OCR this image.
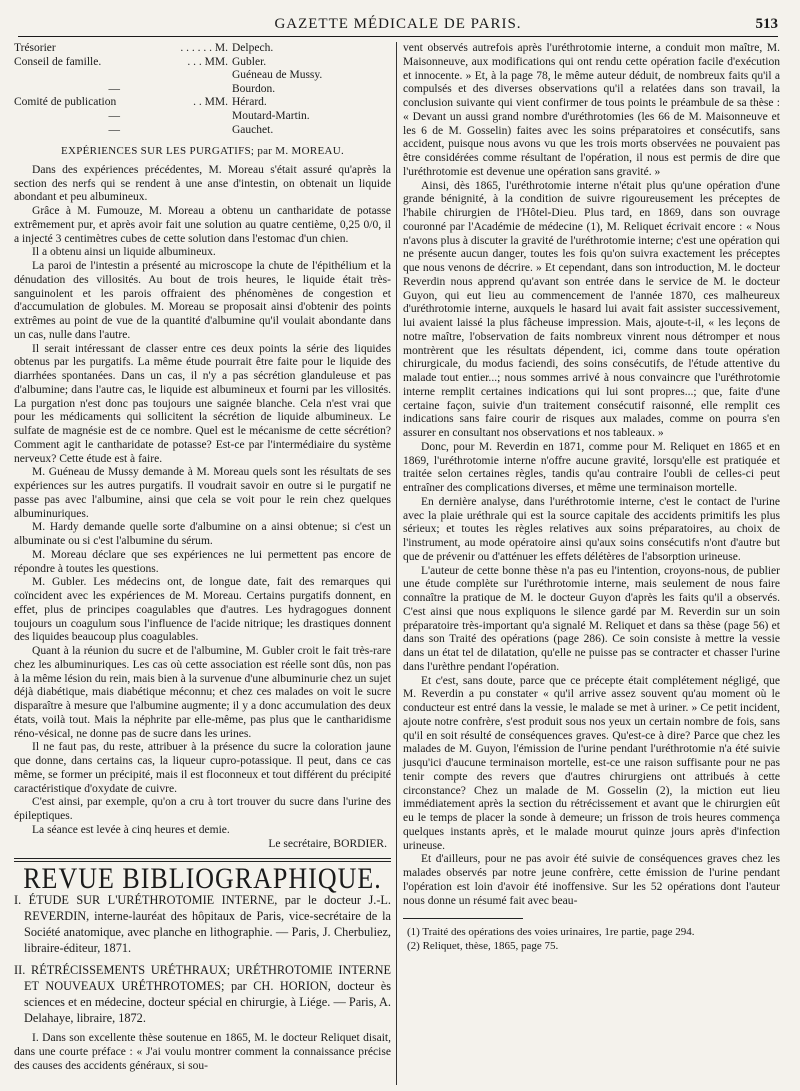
GAZETTE MÉDICALE DE PARIS.	513
Trésorier	. . . . . . M. Delpech.
Conseil de famille.	. . . MM. Gubler.
Guéneau de Mussy.
—	Bourdon.
Comité de publication	. . MM. Hérard.
—	Moutard-Martin.
—	Gauchet.
EXPÉRIENCES SUR LES PURGATIFS; par M. MOREAU.

Dans des expériences précédentes, M. Moreau s'était assuré qu'après la section des nerfs qui se rendent à une anse d'intestin, on obtenait un liquide abondant et peu albumineux.

Grâce à M. Fumouze, M. Moreau a obtenu un cantharidate de potasse extrêmement pur, et après avoir fait une solution au quatre centième, 0,25 0/0, il a injecté 3 centimètres cubes de cette solution dans l'estomac d'un chien.

Il a obtenu ainsi un liquide albumineux.

La paroi de l'intestin a présenté au microscope la chute de l'épithélium et la dénudation des villosités. Au bout de trois heures, le liquide était très-sanguinolent et les parois offraient des phénomènes de congestion et d'accumulation de globules. M. Moreau se proposait ainsi d'obtenir des points extrêmes au point de vue de la quantité d'albumine qu'il voulait abondante dans un cas, nulle dans l'autre.

Il serait intéressant de classer entre ces deux points la série des liquides obtenus par les purgatifs. La même étude pourrait être faite pour le liquide des diarrhées spontanées. Dans un cas, il n'y a pas sécrétion glanduleuse et pas d'albumine; dans l'autre cas, le liquide est albumineux et fourni par les villosités. La purgation n'est donc pas toujours une saignée blanche. Cela n'est vrai que pour les médicaments qui sollicitent la sécrétion de liquide albumineux. Le sulfate de magnésie est de ce nombre. Quel est le mécanisme de cette sécrétion? Comment agit le cantharidate de potasse? Est-ce par l'intermédiaire du système nerveux? Cette étude est à faire.

M. Guéneau de Mussy demande à M. Moreau quels sont les résultats de ses expériences sur les autres purgatifs. Il voudrait savoir en outre si le purgatif ne passe pas avec l'albumine, ainsi que cela se voit pour le rein chez quelques albuminuriques.

M. Hardy demande quelle sorte d'albumine on a ainsi obtenue; si c'est un albuminate ou si c'est l'albumine du sérum.

M. Moreau déclare que ses expériences ne lui permettent pas encore de répondre à toutes les questions.

M. Gubler. Les médecins ont, de longue date, fait des remarques qui coïncident avec les expériences de M. Moreau. Certains purgatifs donnent, en effet, plus de principes coagulables que d'autres. Les hydragogues donnent toujours un coagulum sous l'influence de l'acide nitrique; les drastiques donnent des liquides beaucoup plus coagulables.

Quant à la réunion du sucre et de l'albumine, M. Gubler croit le fait très-rare chez les albuminuriques. Les cas où cette association est réelle sont dûs, non pas à la même lésion du rein, mais bien à la survenue d'une albuminurie chez un sujet déjà diabétique, mais diabétique méconnu; et chez ces malades on voit le sucre disparaître à mesure que l'albumine augmente; il y a donc accumulation des deux états, voilà tout. Mais la néphrite par elle-même, pas plus que le cantharidisme réno-vésical, ne donne pas de sucre dans les urines.

Il ne faut pas, du reste, attribuer à la présence du sucre la coloration jaune que donne, dans certains cas, la liqueur cupro-potassique. Il peut, dans ce cas même, se former un précipité, mais il est floconneux et tout différent du précipité caractéristique d'oxydate de cuivre.

C'est ainsi, par exemple, qu'on a cru à tort trouver du sucre dans l'urine des épileptiques.

La séance est levée à cinq heures et demie.

Le secrétaire, BORDIER.
REVUE BIBLIOGRAPHIQUE.
I. ÉTUDE SUR L'URÉTHROTOMIE INTERNE, par le docteur J.-L. REVERDIN, interne-lauréat des hôpitaux de Paris, vice-secrétaire de la Société anatomique, avec planche en lithographie. — Paris, J. Cherbuliez, libraire-éditeur, 1871.
II. RÉTRÉCISSEMENTS URÉTHRAUX; URÉTHROTOMIE INTERNE ET NOUVEAUX URÉTHROTOMES; par CH. HORION, docteur ès sciences et en médecine, docteur spécial en chirurgie, à Liége. — Paris, A. Delahaye, libraire, 1872.

I. Dans son excellente thèse soutenue en 1865, M. le docteur Reliquet disait, dans une courte préface : « J'ai voulu montrer comment la connaissance précise des causes des accidents généraux, si sou-

vent observés autrefois après l'uréthrotomie interne, a conduit mon maître, M. Maisonneuve, aux modifications qui ont rendu cette opération facile d'exécution et innocente. » Et, à la page 78, le même auteur déduit, de nombreux faits qu'il a compulsés et des diverses observations qu'il a relatées dans son travail, la conclusion suivante qui vient confirmer de tous points le préambule de sa thèse : « Devant un aussi grand nombre d'uréthrotomies (les 66 de M. Maisonneuve et les 6 de M. Gosselin) faites avec les soins préparatoires et consécutifs, sans accident, puisque nous avons vu que les trois morts observées ne pouvaient pas être considérées comme résultant de l'opération, il nous est permis de dire que l'uréthrotomie est devenue une opération sans gravité. »

Ainsi, dès 1865, l'uréthrotomie interne n'était plus qu'une opération d'une grande bénignité, à la condition de suivre rigoureusement les préceptes de l'habile chirurgien de l'Hôtel-Dieu. Plus tard, en 1869, dans son ouvrage couronné par l'Académie de médecine (1), M. Reliquet écrivait encore : « Nous n'avons plus à discuter la gravité de l'uréthrotomie interne; c'est une opération qui ne présente aucun danger, toutes les fois qu'on suivra exactement les préceptes que nous venons de décrire. » Et cependant, dans son introduction, M. le docteur Reverdin nous apprend qu'avant son entrée dans le service de M. le docteur Guyon, qui eut lieu au commencement de l'année 1870, ces malheureux d'uréthrotomie interne, auxquels le hasard lui avait fait assister successivement, lui avaient laissé la plus fâcheuse impression. Mais, ajoute-t-il, « les leçons de notre maître, l'observation de faits nombreux vinrent nous détromper et nous montrèrent que les résultats dépendent, ici, comme dans toute opération chirurgicale, du modus faciendi, des soins consécutifs, de l'étude attentive du malade tout entier...; nous sommes arrivé à nous convaincre que l'uréthrotomie interne remplit certaines indications qui lui sont propres...; que, faite d'une certaine façon, suivie d'un traitement consécutif raisonné, elle remplit ces indications sans faire courir de risques aux malades, comme on pourra s'en assurer en consultant nos observations et nos tableaux. »

Donc, pour M. Reverdin en 1871, comme pour M. Reliquet en 1865 et en 1869, l'uréthrotomie interne n'offre aucune gravité, lorsqu'elle est pratiquée et traitée selon certaines règles, tandis qu'au contraire l'oubli de celles-ci peut entraîner des complications diverses, et même une terminaison mortelle.

En dernière analyse, dans l'uréthrotomie interne, c'est le contact de l'urine avec la plaie uréthrale qui est la source capitale des accidents primitifs les plus sérieux; et toutes les règles relatives aux soins préparatoires, au choix de l'instrument, au mode opératoire ainsi qu'aux soins consécutifs n'ont d'autre but que de prévenir ou d'atténuer les effets délétères de l'absorption urineuse.

L'auteur de cette bonne thèse n'a pas eu l'intention, croyons-nous, de publier une étude complète sur l'uréthrotomie interne, mais seulement de nous faire connaître la pratique de M. le docteur Guyon d'après les faits qu'il a observés. C'est ainsi que nous expliquons le silence gardé par M. Reverdin sur un soin préparatoire très-important qu'a signalé M. Reliquet et dans sa thèse (page 56) et dans son Traité des opérations (page 286). Ce soin consiste à mettre la vessie dans un état tel de dilatation, qu'elle ne puisse pas se contracter et chasser l'urine dans l'urèthre pendant l'opération.

Et c'est, sans doute, parce que ce précepte était complétement négligé, que M. Reverdin a pu constater « qu'il arrive assez souvent qu'au moment où le conducteur est entré dans la vessie, le malade se met à uriner. » Ce petit incident, ajoute notre confrère, s'est produit sous nos yeux un certain nombre de fois, sans qu'il en soit résulté de conséquences graves. Qu'est-ce à dire? Parce que chez les malades de M. Guyon, l'émission de l'urine pendant l'uréthrotomie n'a été suivie jusqu'ici d'aucune terminaison mortelle, est-ce une raison suffisante pour ne pas tenir compte des revers que d'autres chirurgiens ont attribués à cette circonstance? Chez un malade de M. Gosselin (2), la miction eut lieu immédiatement après la section du rétrécissement et avant que le chirurgien eût eu le temps de placer la sonde à demeure; un frisson de trois heures commença quelques instants après, et le malade mourut quinze jours après d'infection urineuse.

Et d'ailleurs, pour ne pas avoir été suivie de conséquences graves chez les malades observés par notre jeune confrère, cette émission de l'urine pendant l'opération est loin d'avoir été inoffensive. Sur les 52 opérations dont l'auteur nous donne un résumé fait avec beau-

(1) Traité des opérations des voies urinaires, 1re partie, page 294.

(2) Reliquet, thèse, 1865, page 75.
